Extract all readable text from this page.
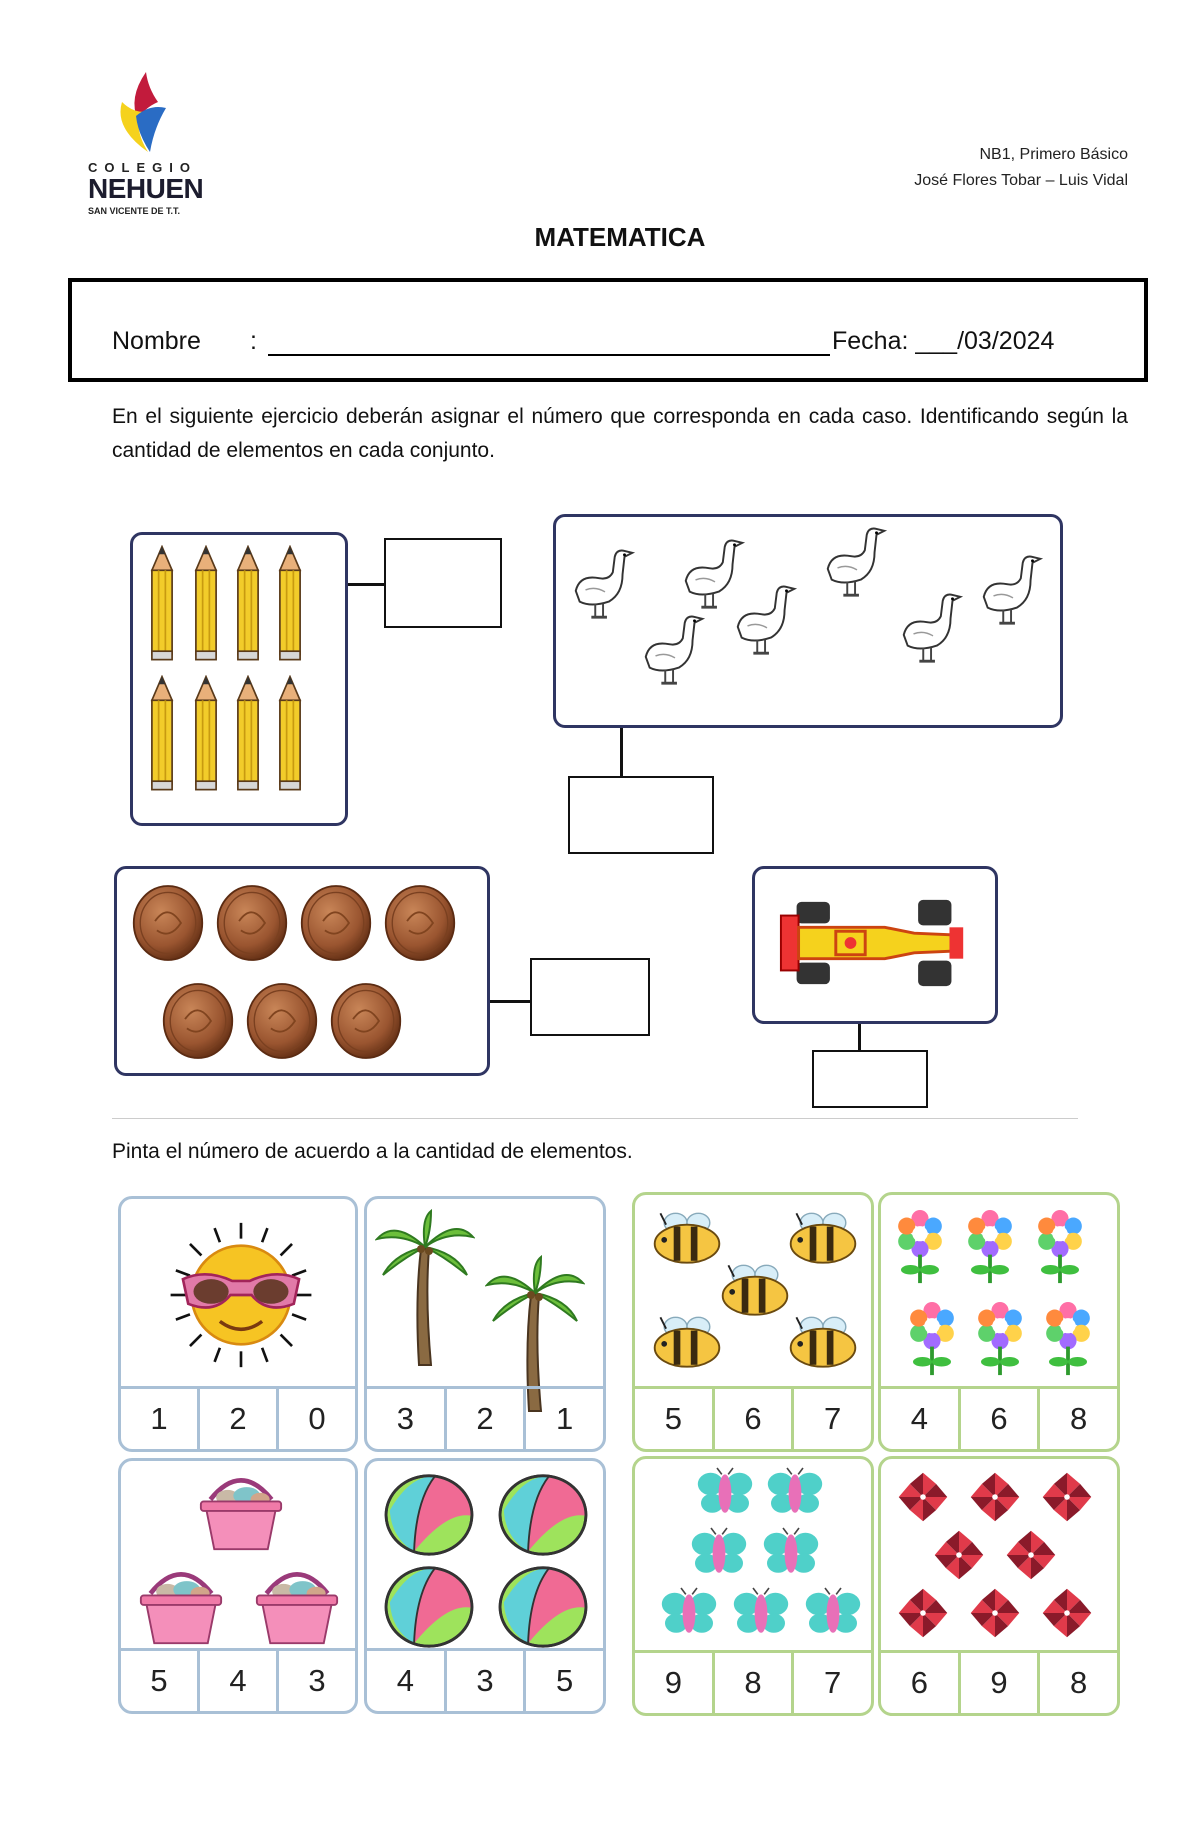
COLEGIO
NEHUEN
SAN VICENTE DE T.T.
NB1, Primero Básico
José Flores Tobar – Luis Vidal
MATEMATICA
Nombre :	Fecha: ___/03/2024
En el siguiente ejercicio deberán asignar el número que corresponda en cada caso. Identificando según la cantidad de elementos en cada conjunto.
Pinta el número de acuerdo a la cantidad de elementos.
1	2	0	3	2	1	5	6	7	4	6	8
5	4	3	4	3	5	9	8	7	6	9	8
